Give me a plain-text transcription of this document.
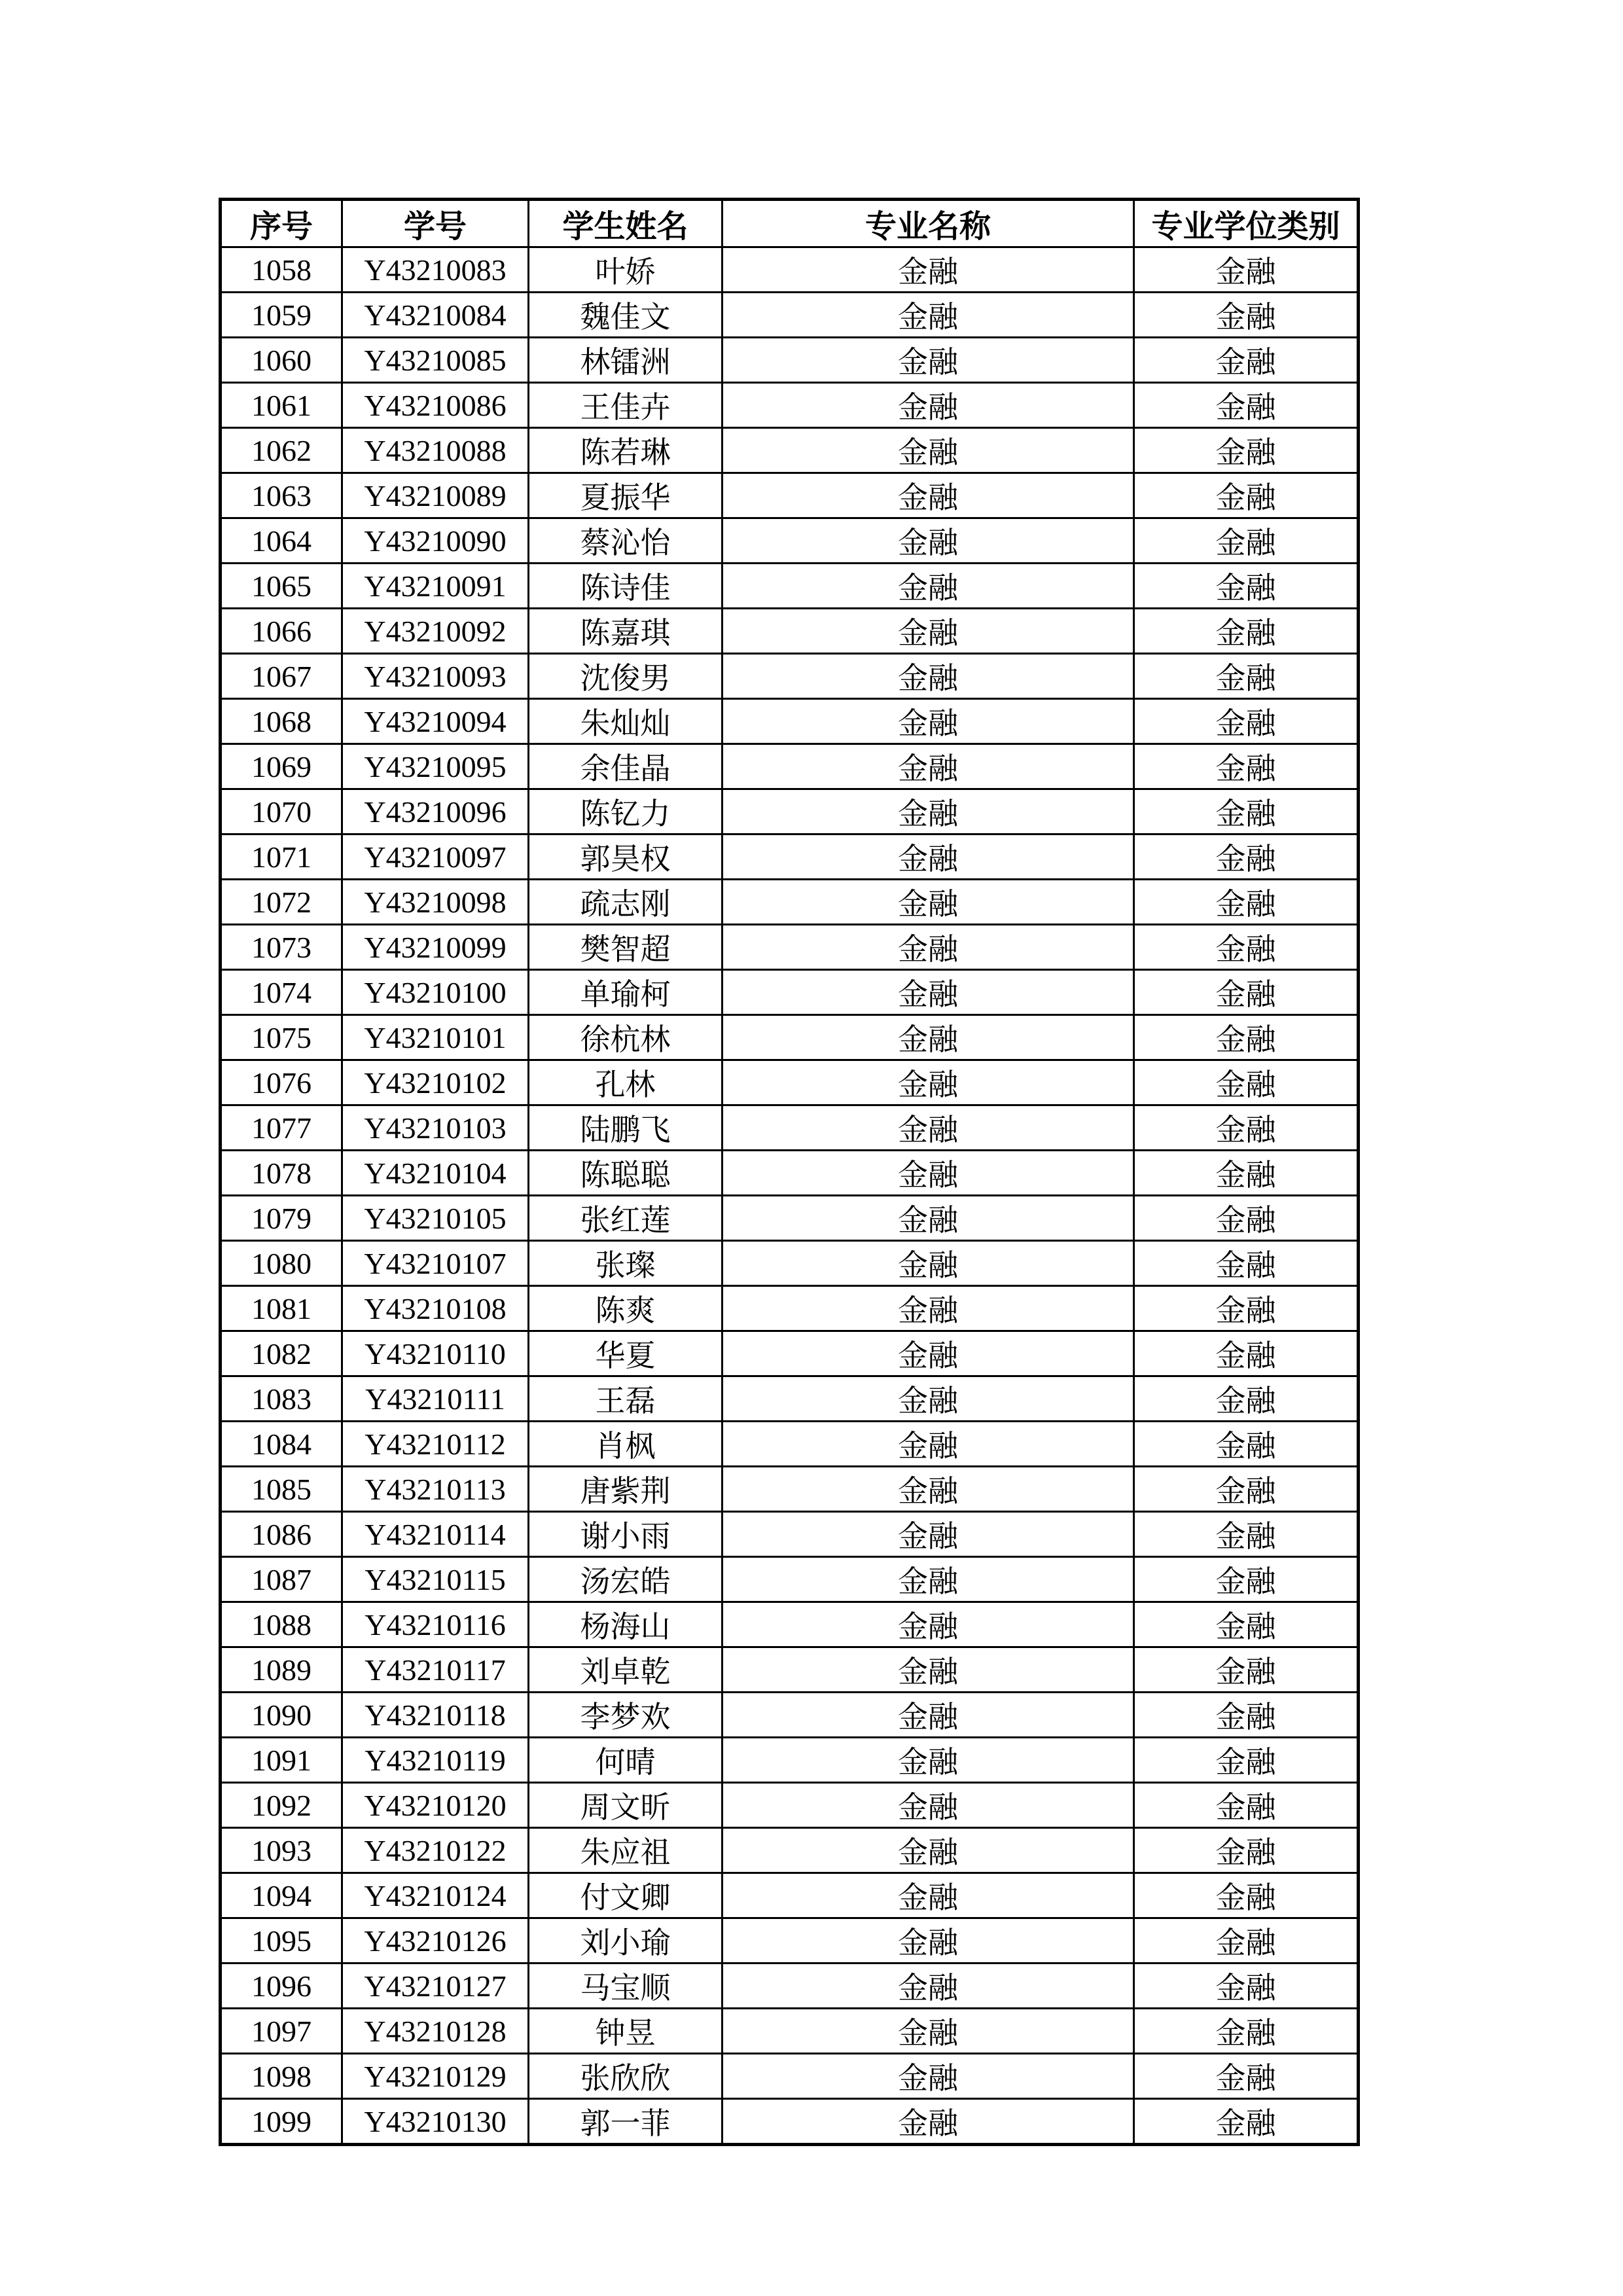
序号	学号	学生姓名	专业名称	专业学位类别
1058	Y43210083	叶娇	金融	金融
1059	Y43210084	魏佳文	金融	金融
1060	Y43210085	林镭洲	金融	金融
1061	Y43210086	王佳卉	金融	金融
1062	Y43210088	陈若琳	金融	金融
1063	Y43210089	夏振华	金融	金融
1064	Y43210090	蔡沁怡	金融	金融
1065	Y43210091	陈诗佳	金融	金融
1066	Y43210092	陈嘉琪	金融	金融
1067	Y43210093	沈俊男	金融	金融
1068	Y43210094	朱灿灿	金融	金融
1069	Y43210095	余佳晶	金融	金融
1070	Y43210096	陈钇力	金融	金融
1071	Y43210097	郭昊权	金融	金融
1072	Y43210098	疏志刚	金融	金融
1073	Y43210099	樊智超	金融	金融
1074	Y43210100	单瑜柯	金融	金融
1075	Y43210101	徐杭林	金融	金融
1076	Y43210102	孔林	金融	金融
1077	Y43210103	陆鹏飞	金融	金融
1078	Y43210104	陈聪聪	金融	金融
1079	Y43210105	张红莲	金融	金融
1080	Y43210107	张璨	金融	金融
1081	Y43210108	陈爽	金融	金融
1082	Y43210110	华夏	金融	金融
1083	Y43210111	王磊	金融	金融
1084	Y43210112	肖枫	金融	金融
1085	Y43210113	唐紫荆	金融	金融
1086	Y43210114	谢小雨	金融	金融
1087	Y43210115	汤宏皓	金融	金融
1088	Y43210116	杨海山	金融	金融
1089	Y43210117	刘卓乾	金融	金融
1090	Y43210118	李梦欢	金融	金融
1091	Y43210119	何晴	金融	金融
1092	Y43210120	周文昕	金融	金融
1093	Y43210122	朱应祖	金融	金融
1094	Y43210124	付文卿	金融	金融
1095	Y43210126	刘小瑜	金融	金融
1096	Y43210127	马宝顺	金融	金融
1097	Y43210128	钟昱	金融	金融
1098	Y43210129	张欣欣	金融	金融
1099	Y43210130	郭一菲	金融	金融
